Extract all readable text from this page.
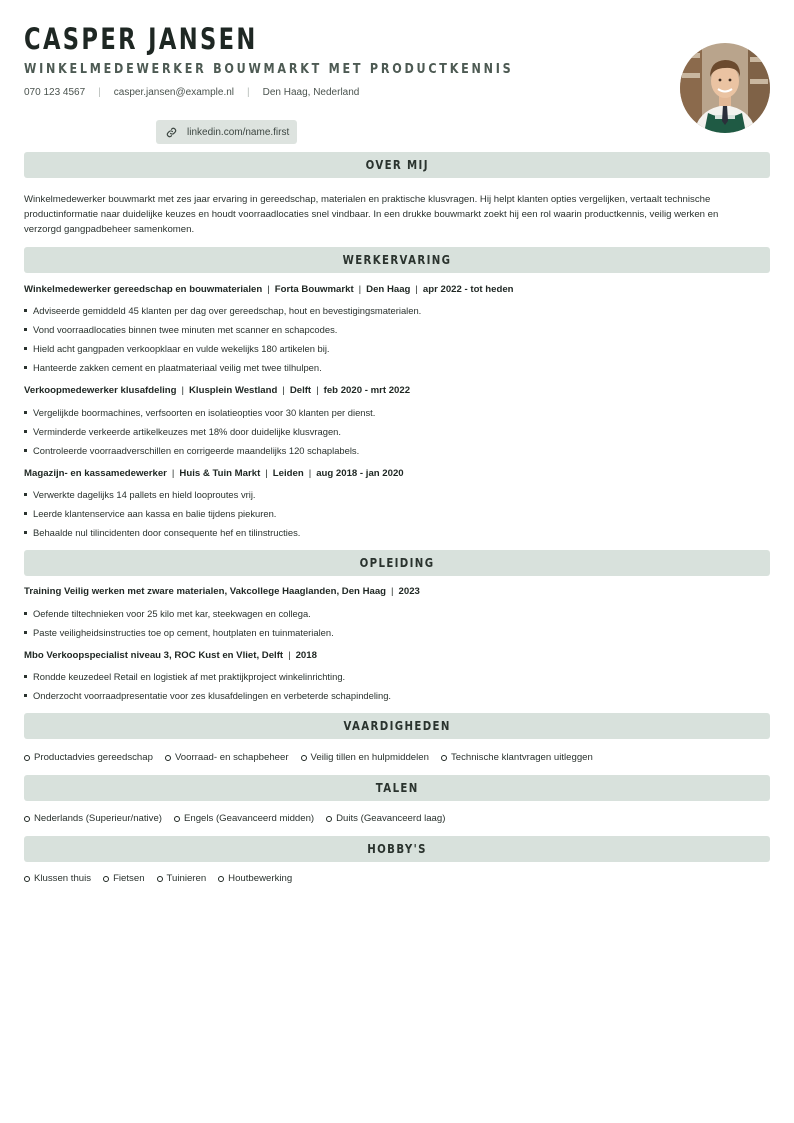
CASPER JANSEN
WINKELMEDEWERKER BOUWMARKT MET PRODUCTKENNIS
070 123 4567 | casper.jansen@example.nl | Den Haag, Nederland
linkedin.com/name.first
OVER MIJ
Winkelmedewerker bouwmarkt met zes jaar ervaring in gereedschap, materialen en praktische klusvragen. Hij helpt klanten opties vergelijken, vertaalt technische productinformatie naar duidelijke keuzes en houdt voorraadlocaties snel vindbaar. In een drukke bouwmarkt zoekt hij een rol waarin productkennis, veilig werken en verzorgd gangpadbeheer samenkomen.
WERKERVARING
Winkelmedewerker gereedschap en bouwmaterialen | Forta Bouwmarkt | Den Haag | apr 2022 - tot heden
Adviseerde gemiddeld 45 klanten per dag over gereedschap, hout en bevestigingsmaterialen.
Vond voorraadlocaties binnen twee minuten met scanner en schapcodes.
Hield acht gangpaden verkoopklaar en vulde wekelijks 180 artikelen bij.
Hanteerde zakken cement en plaatmateriaal veilig met twee tilhulpen.
Verkoopmedewerker klusafdeling | Klusplein Westland | Delft | feb 2020 - mrt 2022
Vergelijkde boormachines, verfsoorten en isolatieopties voor 30 klanten per dienst.
Verminderde verkeerde artikelkeuzes met 18% door duidelijke klusvragen.
Controleerde voorraadverschillen en corrigeerde maandelijks 120 schaplabels.
Magazijn- en kassamedewerker | Huis & Tuin Markt | Leiden | aug 2018 - jan 2020
Verwerkte dagelijks 14 pallets en hield looproutes vrij.
Leerde klantenservice aan kassa en balie tijdens piekuren.
Behaalde nul tilincidenten door consequente hef en tilinstructies.
OPLEIDING
Training Veilig werken met zware materialen, Vakcollege Haaglanden, Den Haag | 2023
Oefende tiltechnieken voor 25 kilo met kar, steekwagen en collega.
Paste veiligheidsinstructies toe op cement, houtplaten en tuinmaterialen.
Mbo Verkoopspecialist niveau 3, ROC Kust en Vliet, Delft | 2018
Rondde keuzedeel Retail en logistiek af met praktijkproject winkelinrichting.
Onderzocht voorraadpresentatie voor zes klusafdelingen en verbeterde schapindeling.
VAARDIGHEDEN
Productadvies gereedschap Voorraad- en schapbeheer Veilig tillen en hulpmiddelen Technische klantvragen uitleggen
TALEN
Nederlands (Superieur/native) Engels (Geavanceerd midden) Duits (Geavanceerd laag)
HOBBY'S
Klussen thuis Fietsen Tuinieren Houtbewerking
